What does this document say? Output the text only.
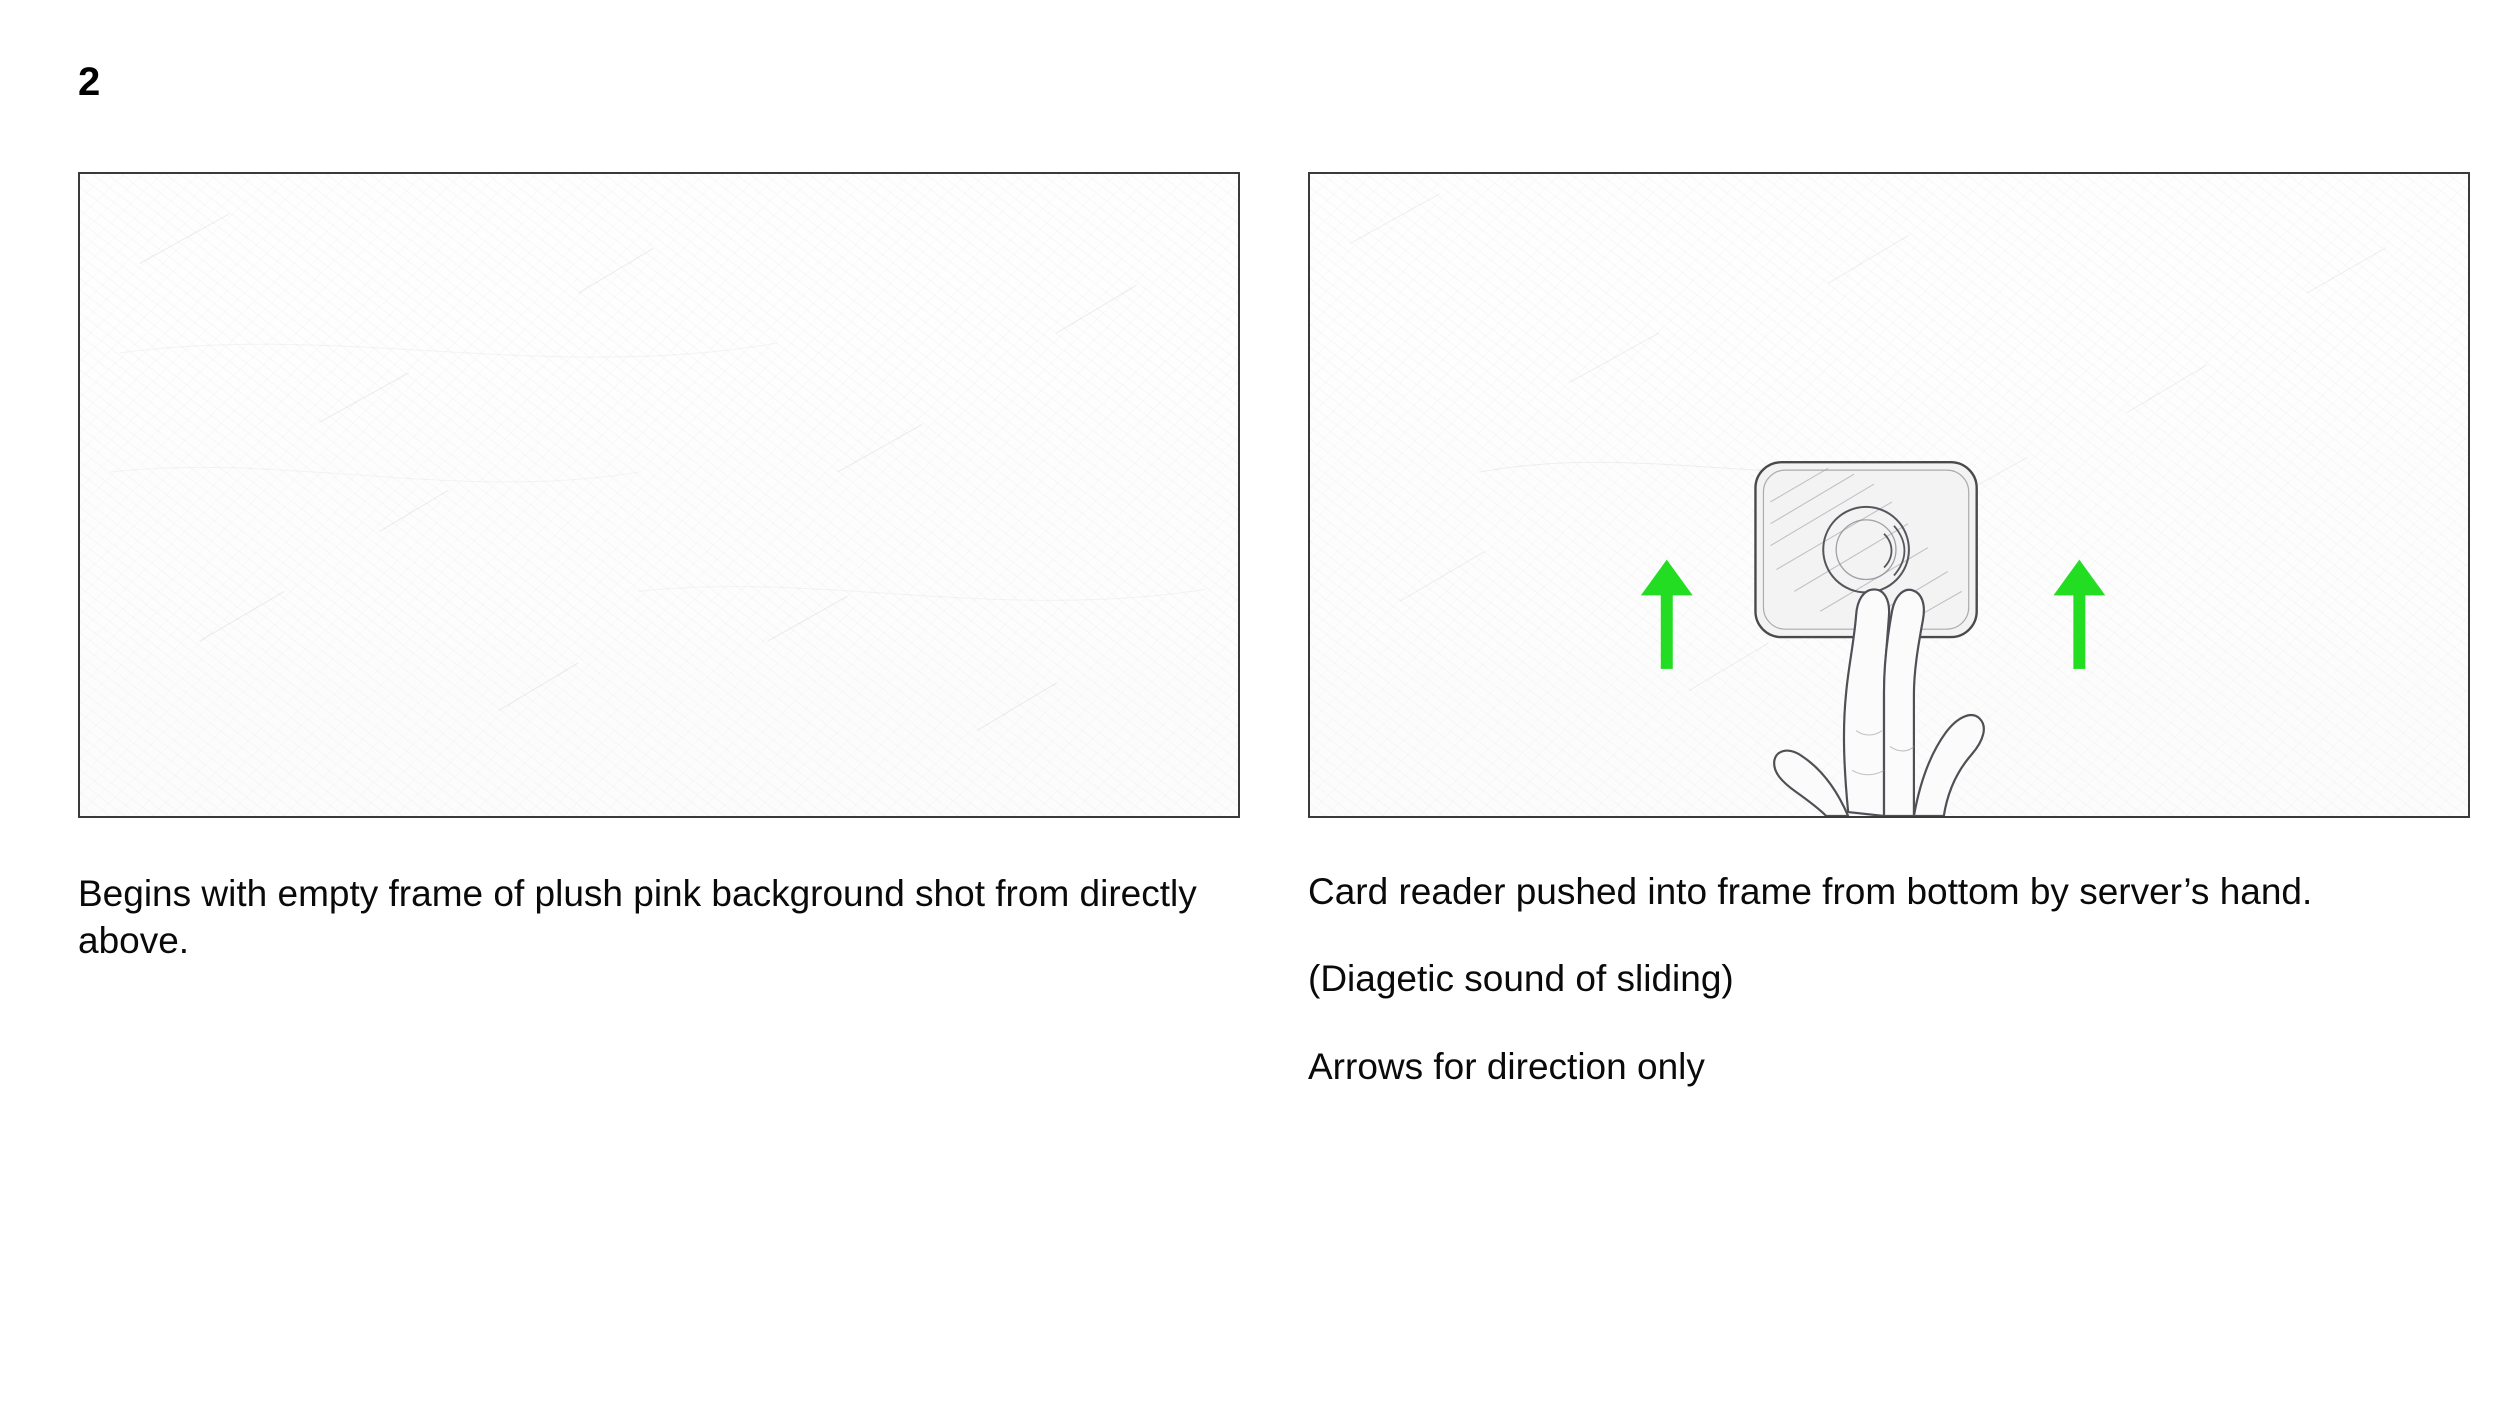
2

Begins with empty frame of plush pink background shot from directly above.

Card reader pushed into frame from bottom by server’s hand.

(Diagetic sound of sliding)

Arrows for direction only
